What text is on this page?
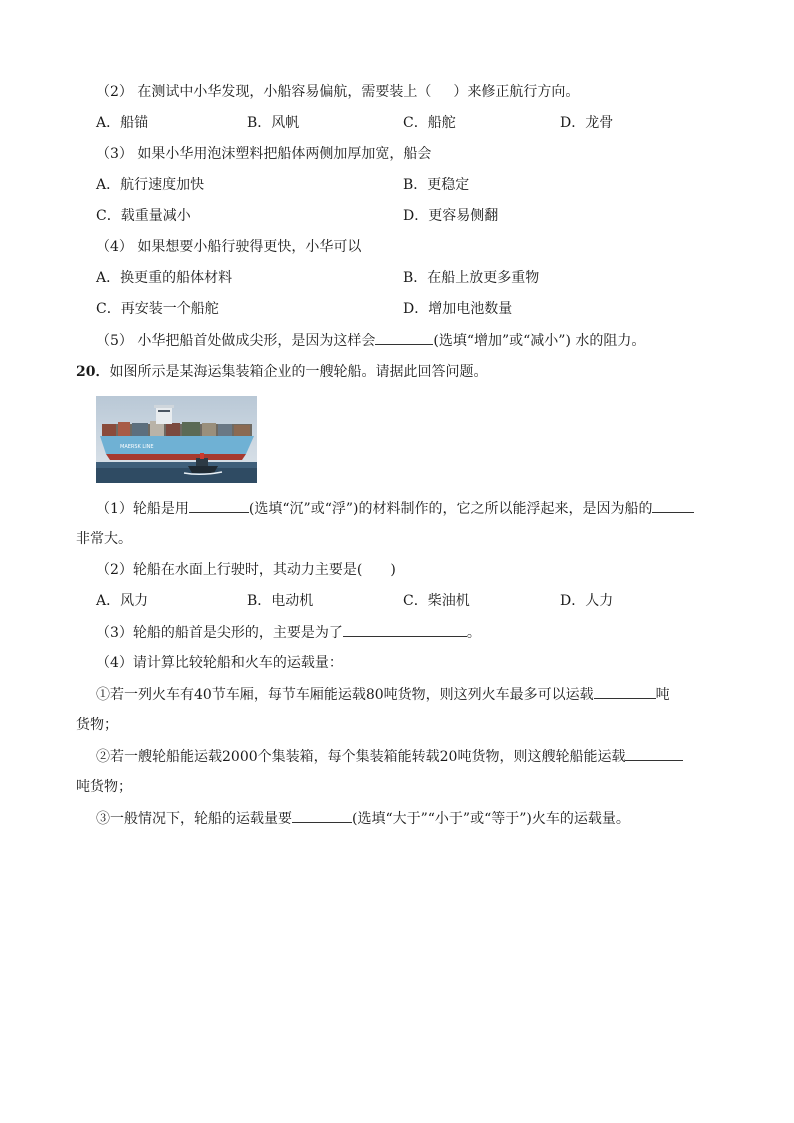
（2） 在测试中小华发现，小船容易偏航，需要装上（ ）来修正航行方向。
A．船锚	B．风帆	C．船舵	D．龙骨
（3） 如果小华用泡沫塑料把船体两侧加厚加宽，船会
A．航行速度加快	B．更稳定
C．载重量减小	D．更容易侧翻
（4） 如果想要小船行驶得更快，小华可以
A．换更重的船体材料	B．在船上放更多重物
C．再安装一个船舵	D．增加电池数量
（5） 小华把船首处做成尖形，是因为这样会	(选填“增加”或“减小”) 水的阻力。
20．如图所示是某海运集装箱企业的一艘轮船。请据此回答问题。
MAERSK LINE
（1）轮船是用	(选填“沉”或“浮”)的材料制作的，它之所以能浮起来，是因为船的
非常大。
（2）轮船在水面上行驶时，其动力主要是(　　)
A．风力	B．电动机	C．柴油机	D．人力
（3）轮船的船首是尖形的，主要是为了	。
（4）请计算比较轮船和火车的运载量：
①若一列火车有40节车厢，每节车厢能运载80吨货物，则这列火车最多可以运载	吨
货物；
②若一艘轮船能运载2000个集装箱，每个集装箱能转载20吨货物，则这艘轮船能运载
吨货物；
③一般情况下，轮船的运载量要	(选填“大于”“小于”或“等于”)火车的运载量。
